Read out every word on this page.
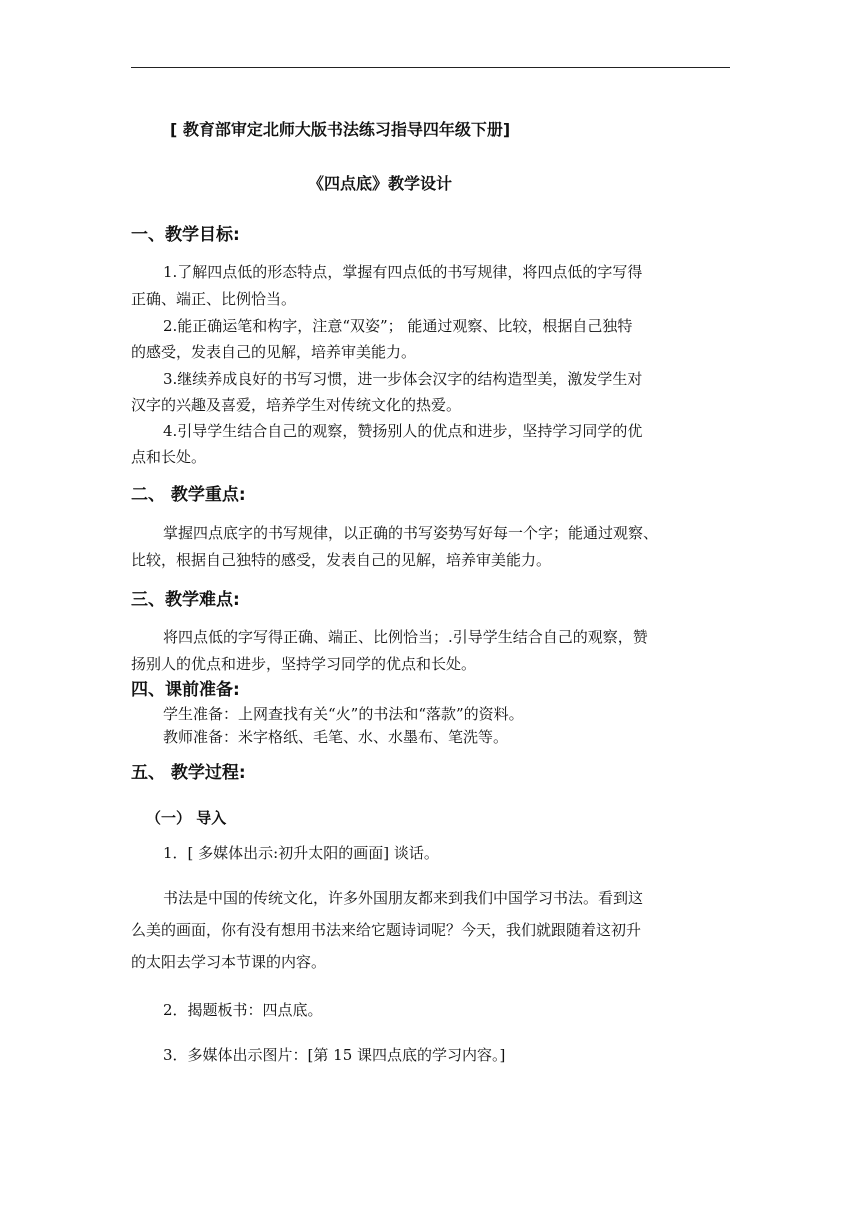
[ 教育部审定北师大版书法练习指导四年级下册]
《四点底》教学设计
一、教学目标:
1.了解四点低的形态特点，掌握有四点低的书写规律，将四点低的字写得
正确、端正、比例恰当。
2.能正确运笔和构字，注意“双姿”； 能通过观察、比较，根据自己独特
的感受，发表自己的见解，培养审美能力。
3.继续养成良好的书写习惯，进一步体会汉字的结构造型美，激发学生对
汉字的兴趣及喜爱，培养学生对传统文化的热爱。
4.引导学生结合自己的观察，赞扬别人的优点和进步，坚持学习同学的优
点和长处。
二、 教学重点:
掌握四点底字的书写规律，以正确的书写姿势写好每一个字；能通过观察、
比较，根据自己独特的感受，发表自己的见解，培养审美能力。
三、教学难点:
将四点低的字写得正确、端正、比例恰当；.引导学生结合自己的观察，赞
扬别人的优点和进步，坚持学习同学的优点和长处。
四、课前准备:
学生准备：上网查找有关“火”的书法和“落款”的资料。
教师准备：米字格纸、毛笔、水、水墨布、笔洗等。
五、 教学过程:
（一） 导入
1．[ 多媒体出示:初升太阳的画面] 谈话。
书法是中国的传统文化，许多外国朋友都来到我们中国学习书法。看到这
么美的画面，你有没有想用书法来给它题诗词呢？今天，我们就跟随着这初升
的太阳去学习本节课的内容。
2．揭题板书：四点底。
3．多媒体出示图片：[第 15 课四点底的学习内容。]
